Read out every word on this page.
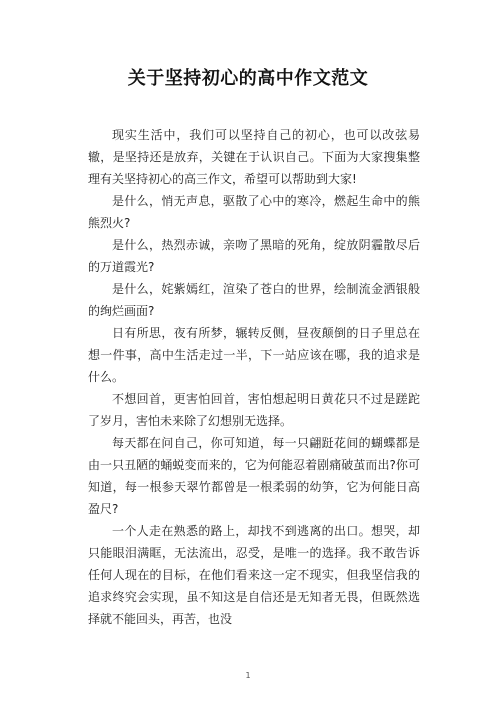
关于坚持初心的高中作文范文

现实生活中，我们可以坚持自己的初心，也可以改弦易辙，是坚持还是放弃，关键在于认识自己。下面为大家搜集整理有关坚持初心的高三作文，希望可以帮助到大家!

是什么，悄无声息，驱散了心中的寒冷，燃起生命中的熊熊烈火?

是什么，热烈赤诚，亲吻了黑暗的死角，绽放阴霾散尽后的万道霞光?

是什么，姹紫嫣红，渲染了苍白的世界，绘制流金洒银般的绚烂画面?

日有所思，夜有所梦，辗转反侧，昼夜颠倒的日子里总在想一件事，高中生活走过一半，下一站应该在哪，我的追求是什么。

不想回首，更害怕回首，害怕想起明日黄花只不过是蹉跎了岁月，害怕未来除了幻想别无选择。

每天都在问自己，你可知道，每一只翩跹花间的蝴蝶都是由一只丑陋的蛹蜕变而来的，它为何能忍着剧痛破茧而出?你可知道，每一根参天翠竹都曾是一根柔弱的幼笋，它为何能日高盈尺?

一个人走在熟悉的路上，却找不到逃离的出口。想哭，却只能眼泪满眶，无法流出，忍受，是唯一的选择。我不敢告诉任何人现在的目标，在他们看来这一定不现实，但我坚信我的追求终究会实现，虽不知这是自信还是无知者无畏，但既然选择就不能回头，再苦，也没

1
